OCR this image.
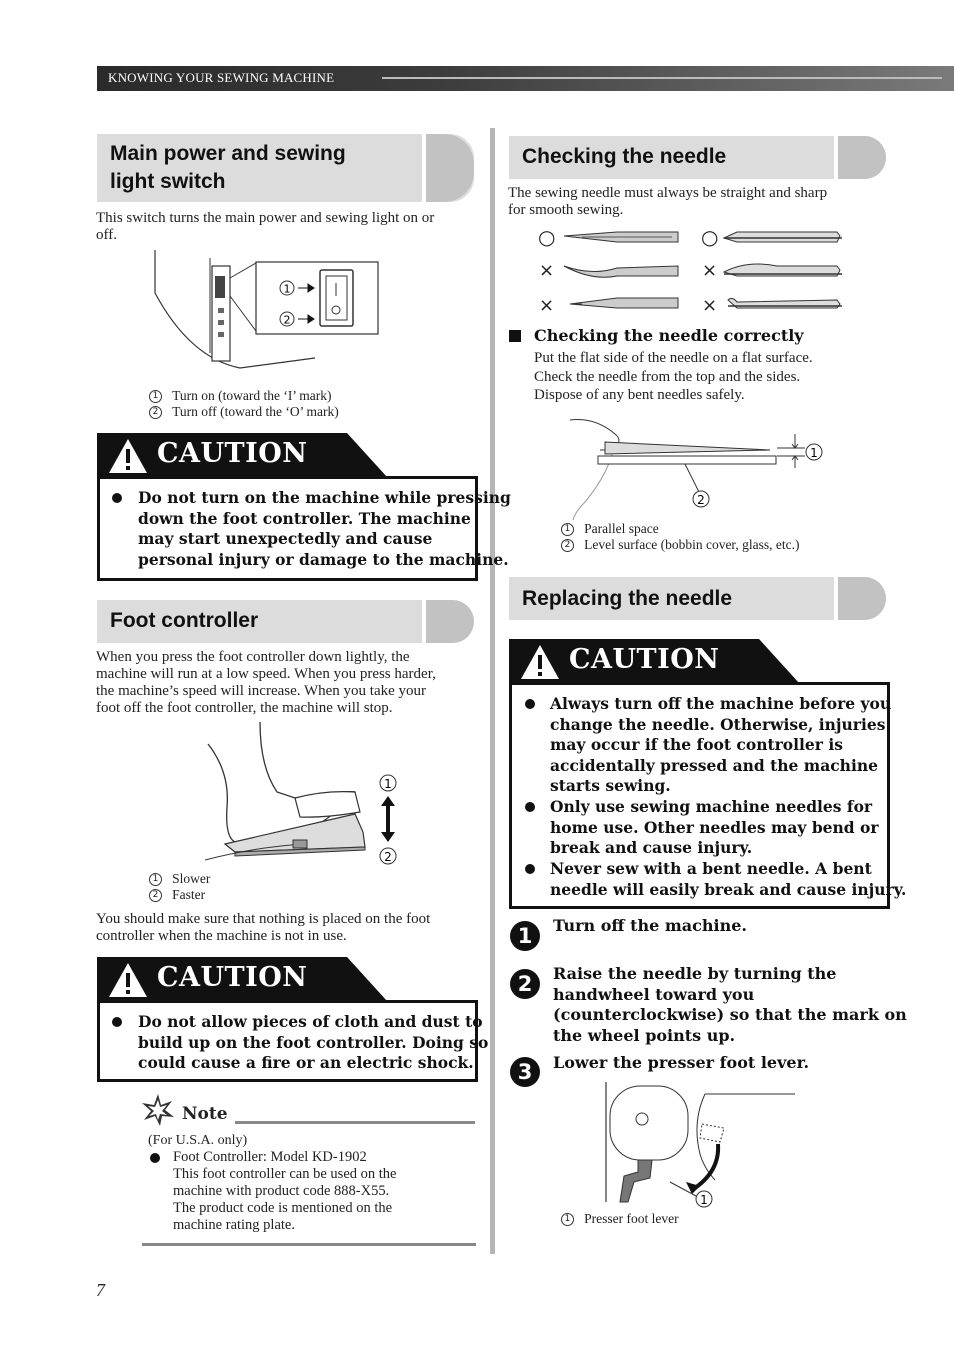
KNOWING YOUR SEWING MACHINE
Main power and sewing
light switch
This switch turns the main power and sewing light on or
off.
1
2
1 Turn on (toward the ‘I’ mark)
2 Turn off (toward the ‘O’ mark)
CAUTION
Do not turn on the machine while pressing
down the foot controller. The machine
may start unexpectedly and cause
personal injury or damage to the machine.
Foot controller
When you press the foot controller down lightly, the
machine will run at a low speed. When you press harder,
the machine’s speed will increase. When you take your
foot off the foot controller, the machine will stop.
1
2
1 Slower
2 Faster
You should make sure that nothing is placed on the foot
controller when the machine is not in use.
CAUTION
Do not allow pieces of cloth and dust to
build up on the foot controller. Doing so
could cause a fire or an electric shock.
Note
(For U.S.A. only)
Foot Controller: Model KD-1902
This foot controller can be used on the
machine with product code 888-X55.
The product code is mentioned on the
machine rating plate.
7
Checking the needle
The sewing needle must always be straight and sharp
for smooth sewing.
○	○
×	×
×	×
Checking the needle correctly
Put the flat side of the needle on a flat surface.
Check the needle from the top and the sides.
Dispose of any bent needles safely.
1
2
1 Parallel space
2 Level surface (bobbin cover, glass, etc.)
Replacing the needle
CAUTION
Always turn off the machine before you
change the needle. Otherwise, injuries
may occur if the foot controller is
accidentally pressed and the machine
starts sewing.
Only use sewing machine needles for
home use. Other needles may bend or
break and cause injury.
Never sew with a bent needle. A bent
needle will easily break and cause injury.
1	Turn off the machine.
2	Raise the needle by turning the
handwheel toward you
(counterclockwise) so that the mark on
the wheel points up.
3	Lower the presser foot lever.
1
1 Presser foot lever
